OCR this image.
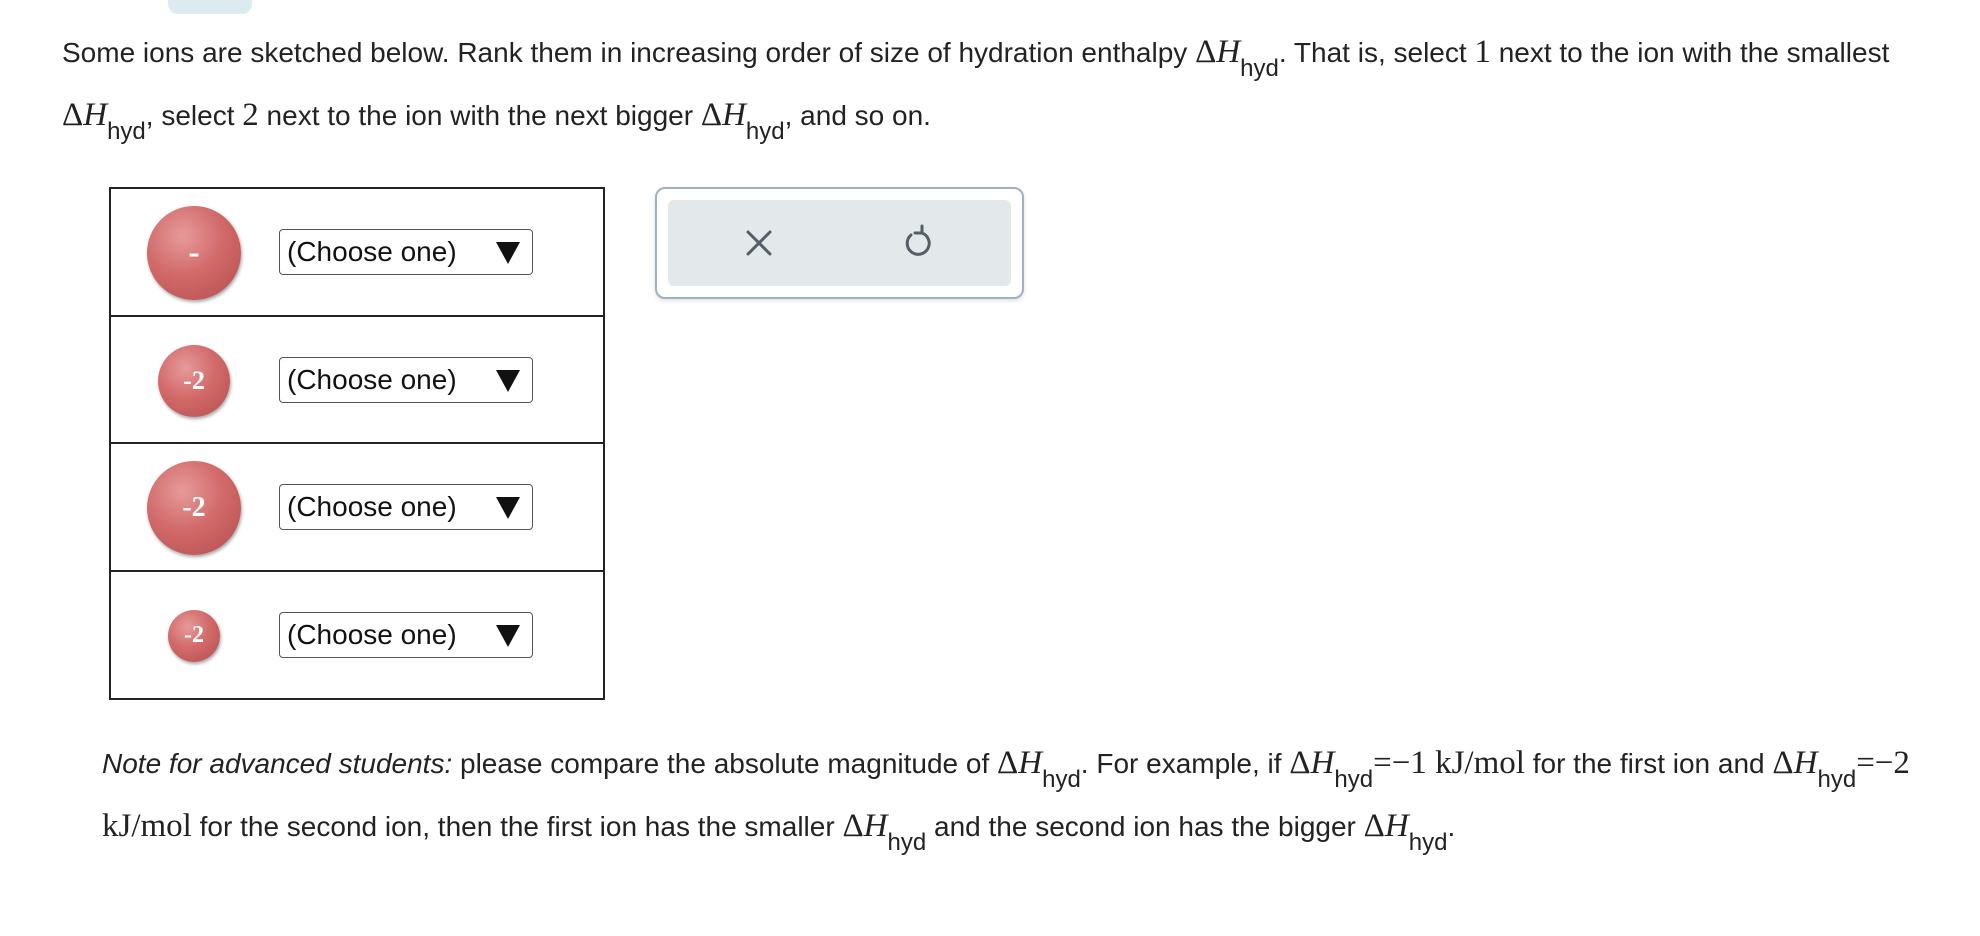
Some ions are sketched below. Rank them in increasing order of size of hydration enthalpy $\Delta H_{hyd}$. That is, select 1 next to the ion with the smallest $\Delta H_{hyd}$, select 2 next to the ion with the next bigger $\Delta H_{hyd}$, and so on.
-	(Choose one)
-2	(Choose one)
-2	(Choose one)
-2	(Choose one)
Note for advanced students: please compare the absolute magnitude of $\Delta H_{hyd}$. For example, if $\Delta H_{hyd}=-1$ kJ/mol for the first ion and $\Delta H_{hyd}=-2$ kJ/mol for the second ion, then the first ion has the smaller $\Delta H_{hyd}$ and the second ion has the bigger $\Delta H_{hyd}$.
